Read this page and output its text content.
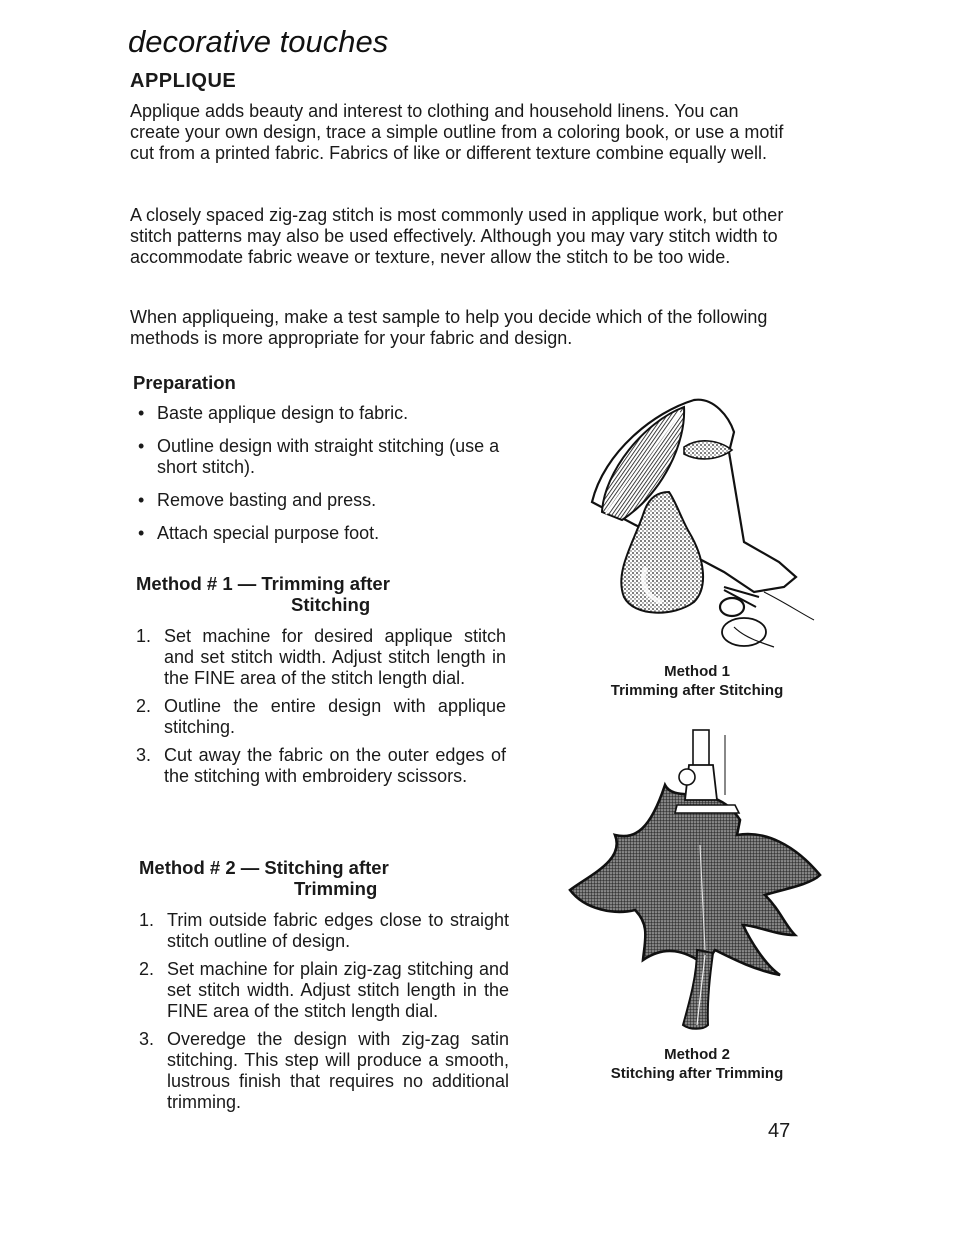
decorative touches
APPLIQUE

Applique adds beauty and interest to clothing and household linens. You can create your own design, trace a simple outline from a coloring book, or use a motif cut from a printed fabric. Fabrics of like or different texture combine equally well.

A closely spaced zig-zag stitch is most commonly used in applique work, but other stitch patterns may also be used effectively. Although you may vary stitch width to accommodate fabric weave or texture, never allow the stitch to be too wide.

When appliqueing, make a test sample to help you decide which of the following methods is more appropriate for your fabric and design.

Preparation
• Baste applique design to fabric.
• Outline design with straight stitching (use a short stitch).
• Remove basting and press.
• Attach special purpose foot.
Method # 1 — Trimming after
Stitching
1. Set machine for desired applique stitch and set stitch width. Adjust stitch length in the FINE area of the stitch length dial.
2. Outline the entire design with applique stitching.
3. Cut away the fabric on the outer edges of the stitching with embroidery scissors.
Method # 2 — Stitching after
Trimming
1. Trim outside fabric edges close to straight stitch outline of design.
2. Set machine for plain zig-zag stitching and set stitch width. Adjust stitch length in the FINE area of the stitch length dial.
3. Overedge the design with zig-zag satin stitching. This step will produce a smooth, lustrous finish that requires no additional trimming.

Method 1
Trimming after Stitching

Method 2
Stitching after Trimming

47
